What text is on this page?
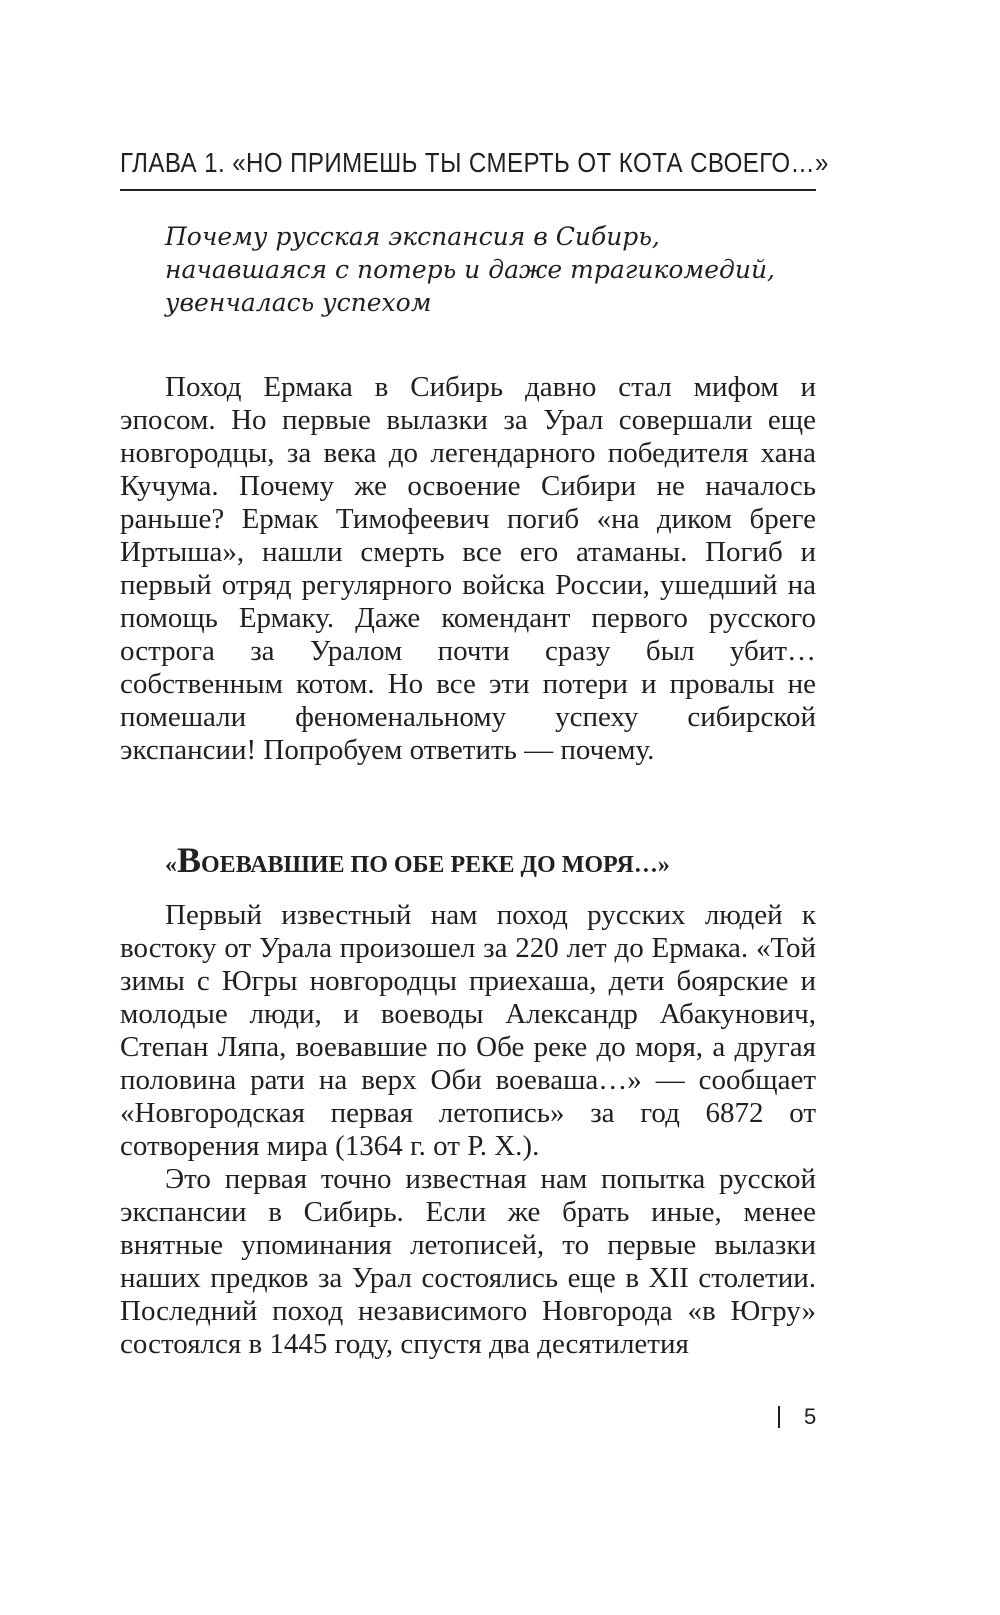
ГЛАВА 1. «НО ПРИМЕШЬ ТЫ СМЕРТЬ ОТ КОТА СВОЕГО…»

Почему русская экспансия в Сибирь, начавшаяся с потерь и даже трагикомедий, увенчалась успехом

Поход Ермака в Сибирь давно стал мифом и эпосом. Но первые вылазки за Урал совершали еще новгородцы, за века до легендарного победителя хана Кучума. Почему же освоение Сибири не началось раньше? Ермак Тимофеевич погиб «на диком бреге Иртыша», нашли смерть все его атаманы. Погиб и первый отряд регулярного войска России, ушедший на помощь Ермаку. Даже комендант первого русского острога за Уралом почти сразу был убит… собственным котом. Но все эти потери и провалы не помешали феноменальному успеху сибирской экспансии! Попробуем ответить — почему.

«ВОЕВАВШИЕ ПО ОБЕ РЕКЕ ДО МОРЯ…»

Первый известный нам поход русских людей к востоку от Урала произошел за 220 лет до Ермака. «Той зимы с Югры новгородцы приехаша, дети боярские и молодые люди, и воеводы Александр Абакунович, Степан Ляпа, воевавшие по Обе реке до моря, а другая половина рати на верх Оби воеваша…» — сообщает «Новгородская первая летопись» за год 6872 от сотворения мира (1364 г. от Р. Х.).

Это первая точно известная нам попытка русской экспансии в Сибирь. Если же брать иные, менее внятные упоминания летописей, то первые вылазки наших предков за Урал состоялись еще в XII столетии. Последний поход независимого Новгорода «в Югру» состоялся в 1445 году, спустя два десятилетия

5
